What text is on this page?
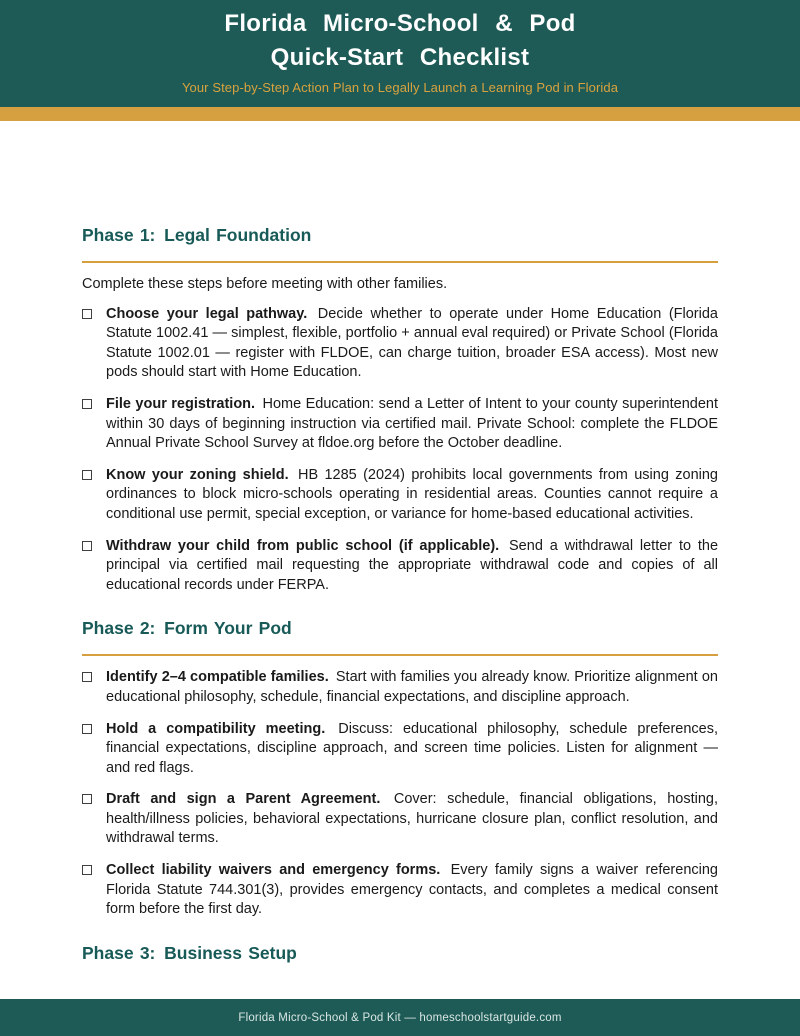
Florida Micro-School & Pod
Quick-Start Checklist
Your Step-by-Step Action Plan to Legally Launch a Learning Pod in Florida
Phase 1: Legal Foundation

Complete these steps before meeting with other families.

Choose your legal pathway. Decide whether to operate under Home Education (Florida Statute 1002.41 — simplest, flexible, portfolio + annual eval required) or Private School (Florida Statute 1002.01 — register with FLDOE, can charge tuition, broader ESA access). Most new pods should start with Home Education.
File your registration. Home Education: send a Letter of Intent to your county superintendent within 30 days of beginning instruction via certified mail. Private School: complete the FLDOE Annual Private School Survey at fldoe.org before the October deadline.
Know your zoning shield. HB 1285 (2024) prohibits local governments from using zoning ordinances to block micro-schools operating in residential areas. Counties cannot require a conditional use permit, special exception, or variance for home-based educational activities.
Withdraw your child from public school (if applicable). Send a withdrawal letter to the principal via certified mail requesting the appropriate withdrawal code and copies of all educational records under FERPA.
Phase 2: Form Your Pod
Identify 2–4 compatible families. Start with families you already know. Prioritize alignment on educational philosophy, schedule, financial expectations, and discipline approach.
Hold a compatibility meeting. Discuss: educational philosophy, schedule preferences, financial expectations, discipline approach, and screen time policies. Listen for alignment — and red flags.
Draft and sign a Parent Agreement. Cover: schedule, financial obligations, hosting, health/illness policies, behavioral expectations, hurricane closure plan, conflict resolution, and withdrawal terms.
Collect liability waivers and emergency forms. Every family signs a waiver referencing Florida Statute 744.301(3), provides emergency contacts, and completes a medical consent form before the first day.
Phase 3: Business Setup
Florida Micro-School & Pod Kit — homeschoolstartguide.com
